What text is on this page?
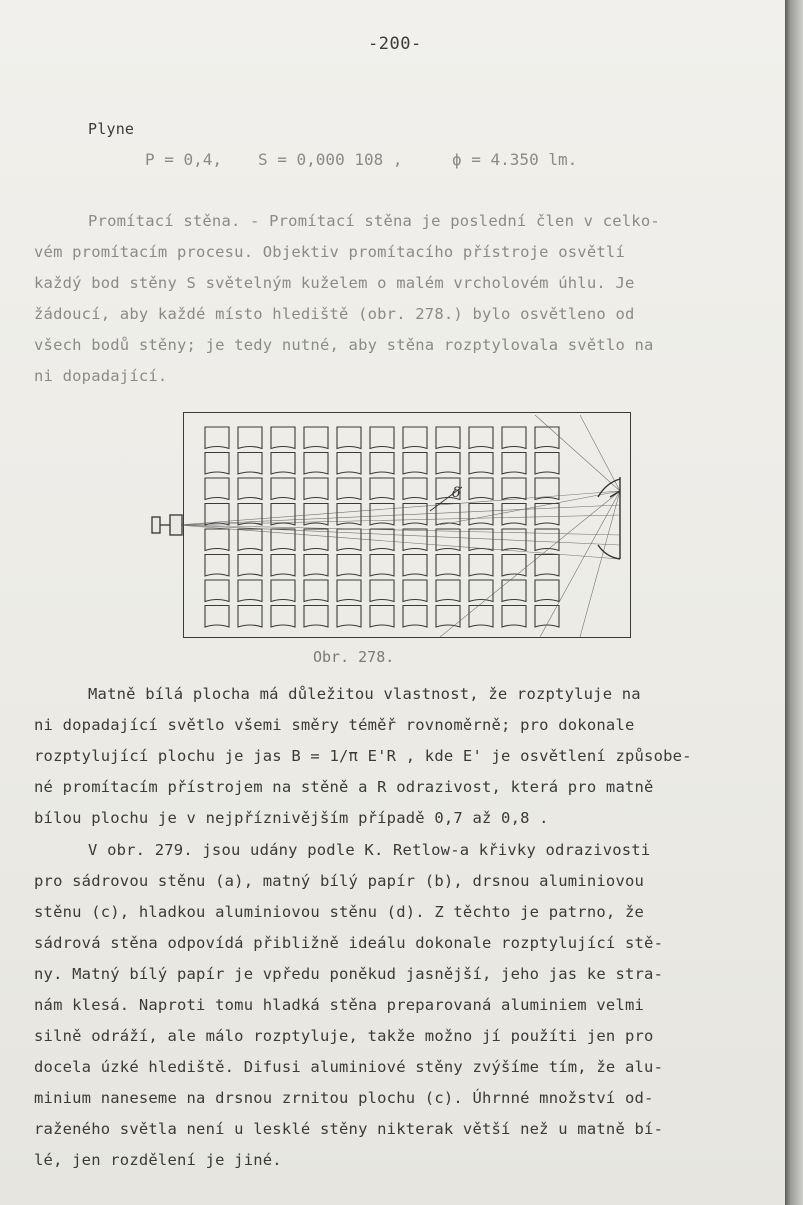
-200-
Plyne
P = 0,4, S = 0,000 108 ,	ϕ = 4.350 lm.
Promítací stěna. - Promítací stěna je poslední člen v celko-
vém promítacím procesu. Objektiv promítacího přístroje osvětlí
každý bod stěny S světelným kuželem o malém vrcholovém úhlu. Je
žádoucí, aby každé místo hlediště (obr. 278.) bylo osvětleno od
všech bodů stěny; je tedy nutné, aby stěna rozptylovala světlo na
ni dopadající.
δ
Obr. 278.
Matně bílá plocha má důležitou vlastnost, že rozptyluje na
ni dopadající světlo všemi směry téměř rovnoměrně; pro dokonale
rozptylující plochu je jas B = 1/π E'R , kde E' je osvětlení způsobe-
né promítacím přístrojem na stěně a R odrazivost, která pro matně
bílou plochu je v nejpříznivějším případě 0,7 až 0,8 .
V obr. 279. jsou udány podle K. Retlow-a křivky odrazivosti
pro sádrovou stěnu (a), matný bílý papír (b), drsnou aluminiovou
stěnu (c), hladkou aluminiovou stěnu (d). Z těchto je patrno, že
sádrová stěna odpovídá přibližně ideálu dokonale rozptylující stě-
ny. Matný bílý papír je vpředu poněkud jasnější, jeho jas ke stra-
nám klesá. Naproti tomu hladká stěna preparovaná aluminiem velmi
silně odráží, ale málo rozptyluje, takže možno jí použíti jen pro
docela úzké hlediště. Difusi aluminiové stěny zvýšíme tím, že alu-
minium naneseme na drsnou zrnitou plochu (c). Úhrnné množství od-
raženého světla není u lesklé stěny nikterak větší než u matně bí-
lé, jen rozdělení je jiné.
